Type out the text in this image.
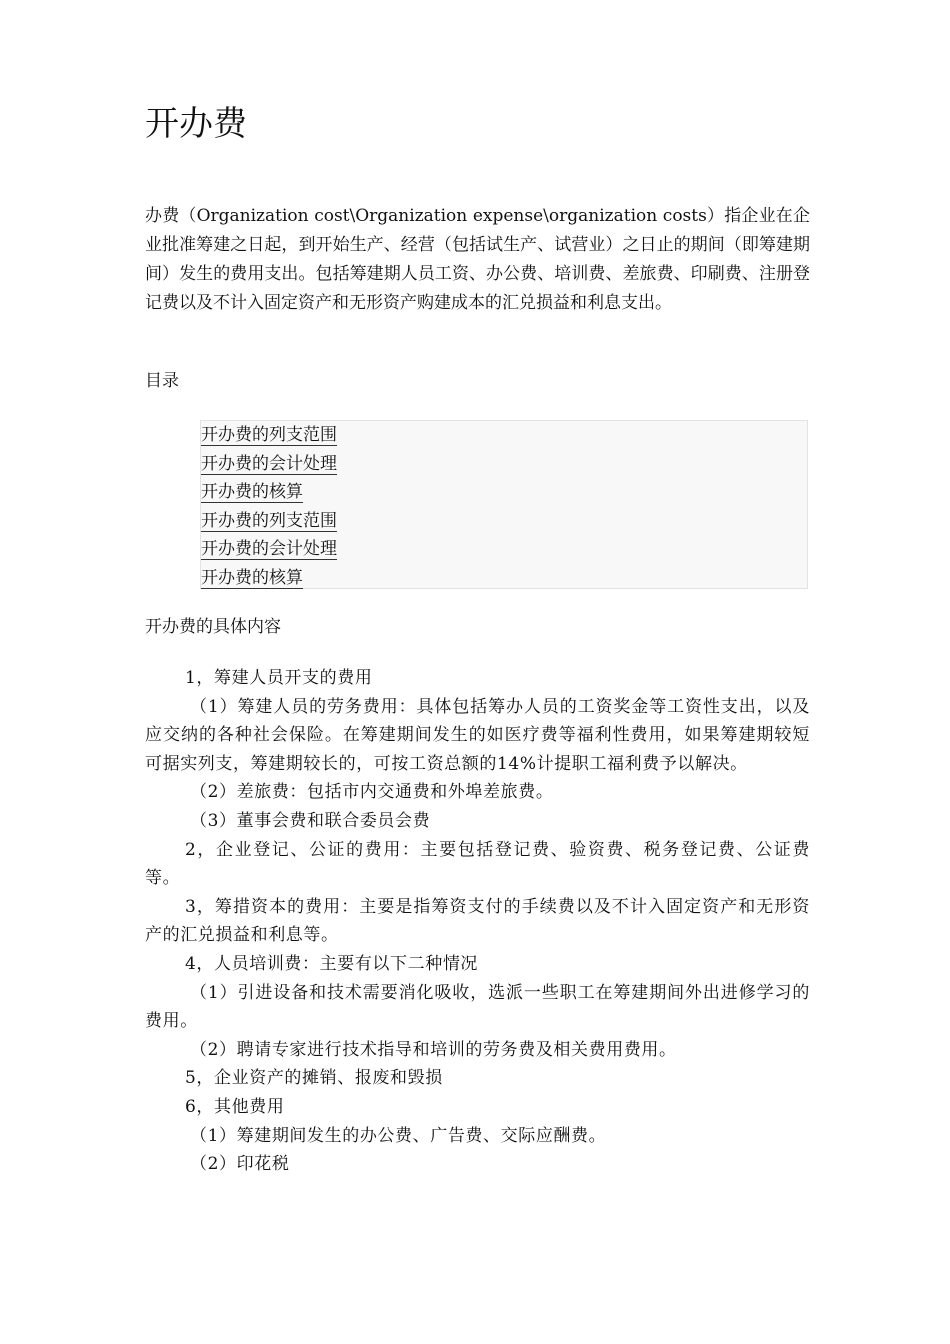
开办费

办费（Organization cost\Organization expense\organization costs）指企业在企业批准筹建之日起，到开始生产、经营（包括试生产、试营业）之日止的期间（即筹建期间）发生的费用支出。包括筹建期人员工资、办公费、培训费、差旅费、印刷费、注册登记费以及不计入固定资产和无形资产购建成本的汇兑损益和利息支出。

目录

开办费的列支范围
开办费的会计处理
开办费的核算
开办费的列支范围
开办费的会计处理
开办费的核算

开办费的具体内容

1，筹建人员开支的费用

（1）筹建人员的劳务费用：具体包括筹办人员的工资奖金等工资性支出，以及应交纳的各种社会保险。在筹建期间发生的如医疗费等福利性费用，如果筹建期较短可据实列支，筹建期较长的，可按工资总额的14%计提职工福利费予以解决。

（2）差旅费：包括市内交通费和外埠差旅费。

（3）董事会费和联合委员会费

2，企业登记、公证的费用：主要包括登记费、验资费、税务登记费、公证费等。

3，筹措资本的费用：主要是指筹资支付的手续费以及不计入固定资产和无形资产的汇兑损益和利息等。

4，人员培训费：主要有以下二种情况

（1）引进设备和技术需要消化吸收，选派一些职工在筹建期间外出进修学习的费用。

（2）聘请专家进行技术指导和培训的劳务费及相关费用费用。

5，企业资产的摊销、报废和毁损

6，其他费用

（1）筹建期间发生的办公费、广告费、交际应酬费。

（2）印花税
